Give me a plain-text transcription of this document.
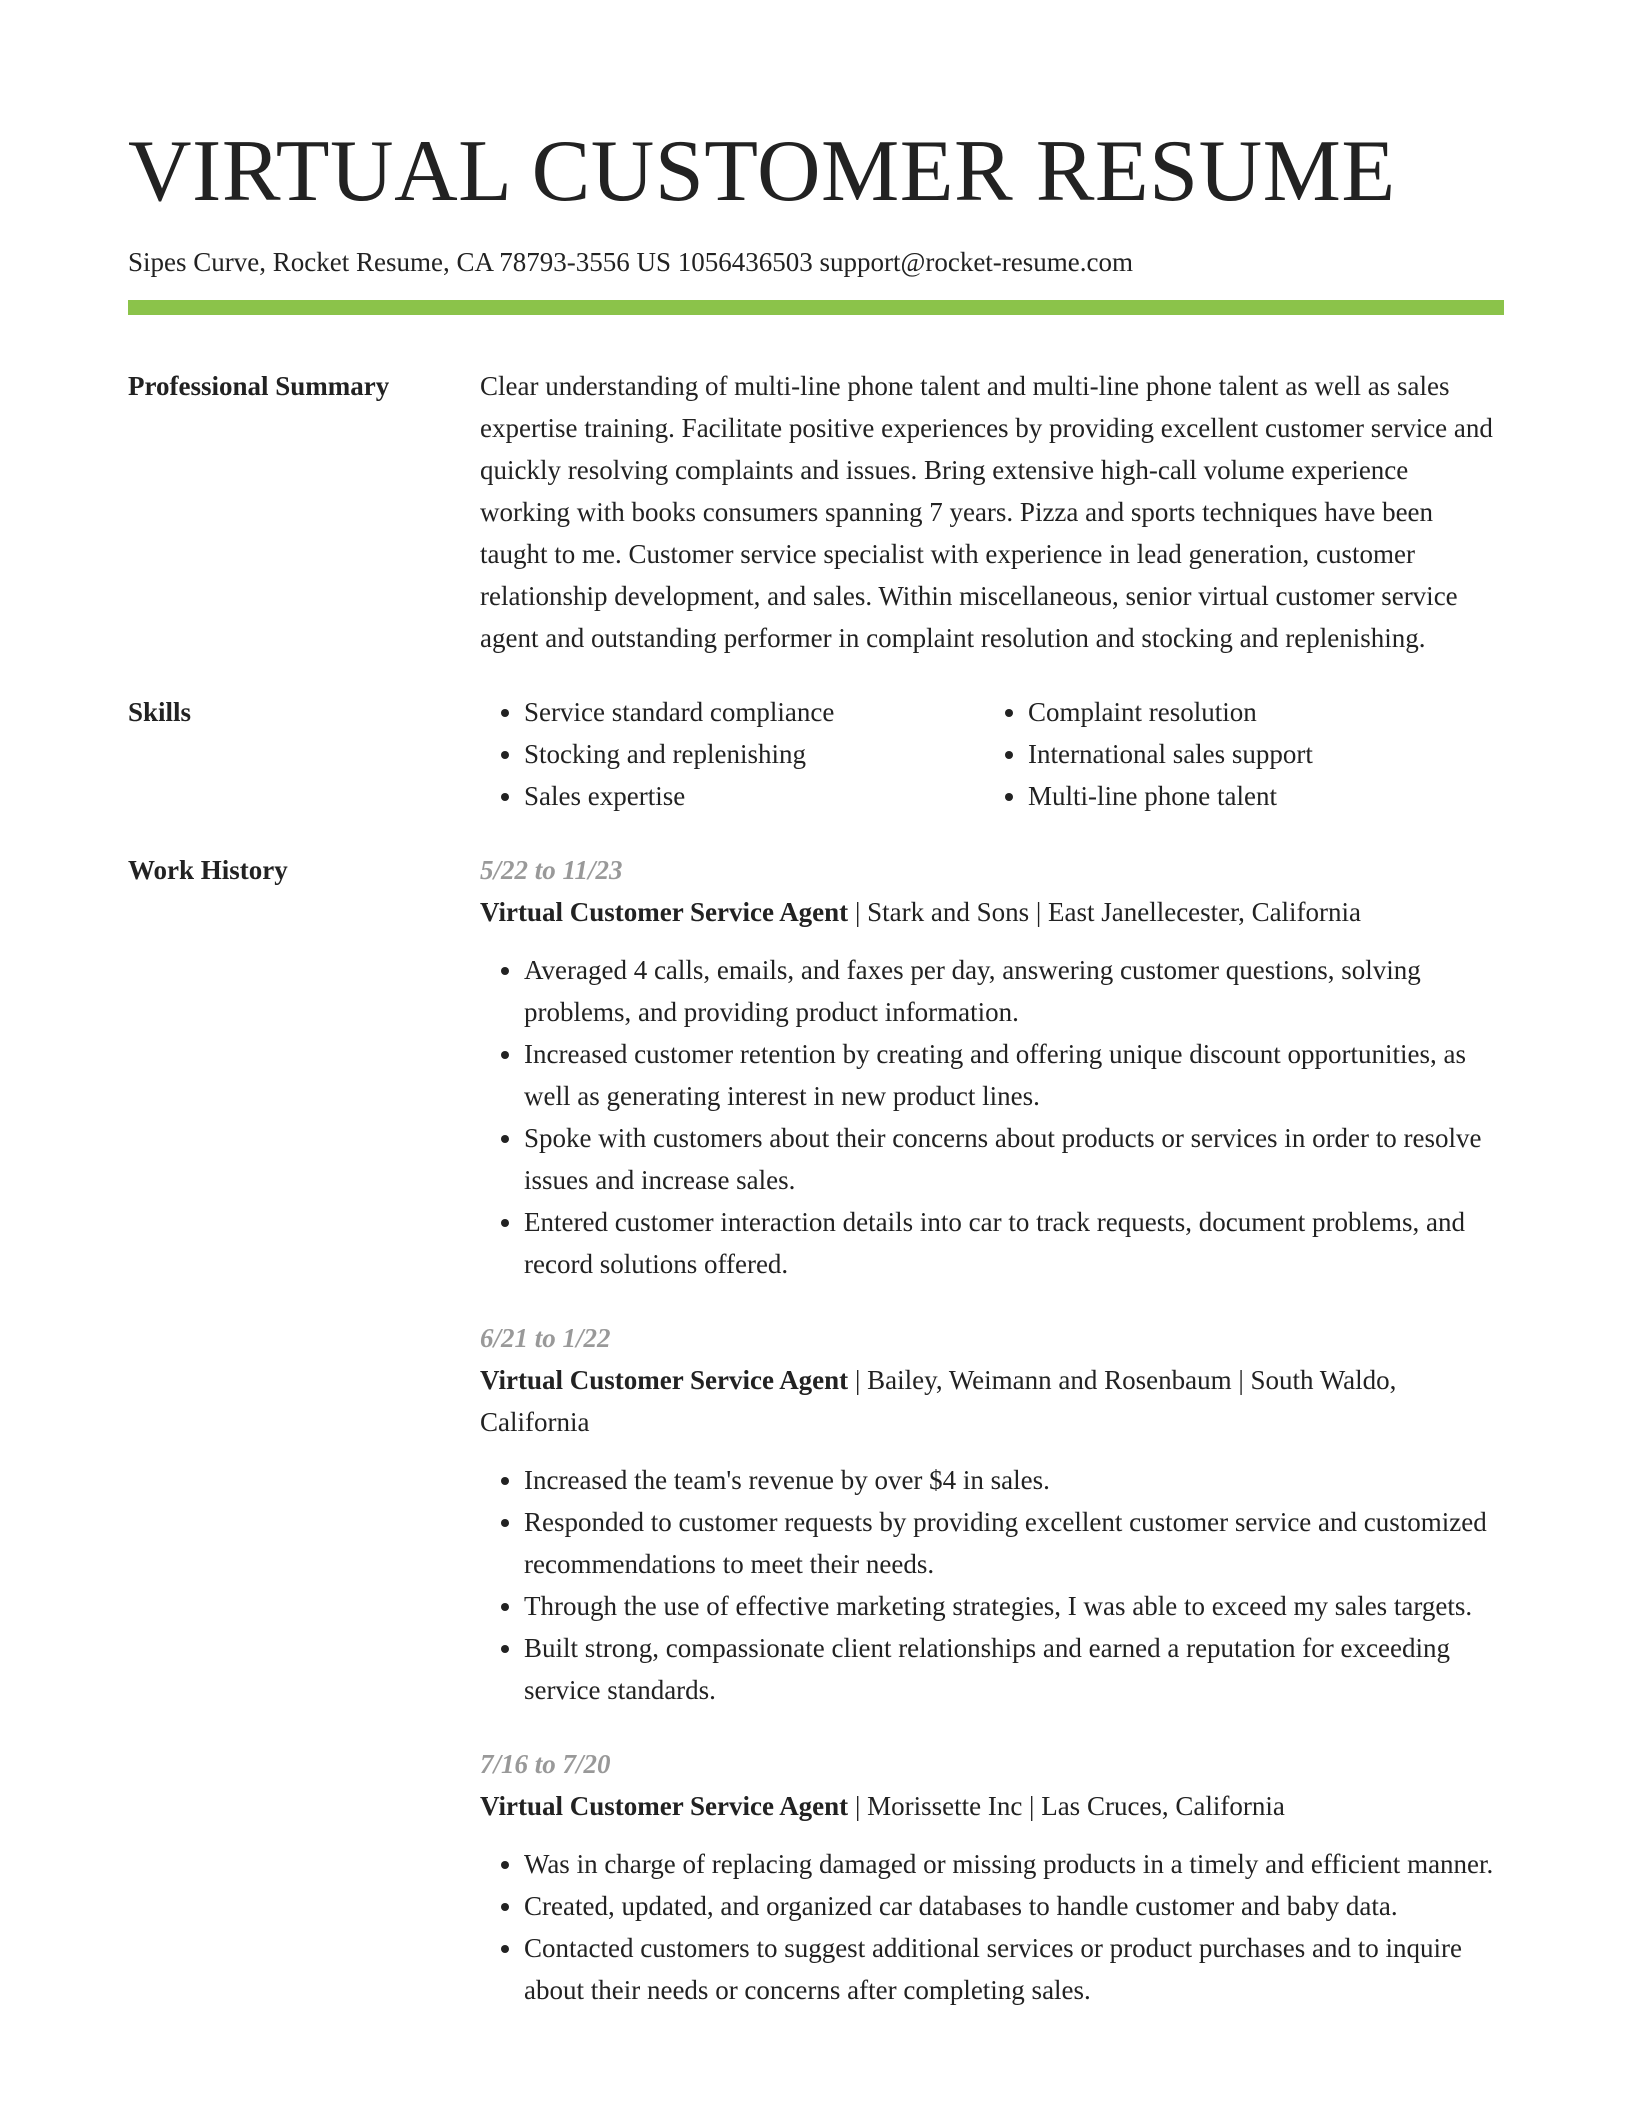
VIRTUAL CUSTOMER RESUME
Sipes Curve, Rocket Resume, CA 78793-3556 US 1056436503 support@rocket-resume.com
Professional Summary	Clear understanding of multi-line phone talent and multi-line phone talent as well as sales expertise training. Facilitate positive experiences by providing excellent customer service and quickly resolving complaints and issues. Bring extensive high-call volume experience working with books consumers spanning 7 years. Pizza and sports techniques have been taught to me. Customer service specialist with experience in lead generation, customer relationship development, and sales. Within miscellaneous, senior virtual customer service agent and outstanding performer in complaint resolution and stocking and replenishing.

Skills
•	Service standard compliance
• Stocking and replenishing
• Sales expertise
• Complaint resolution
• International sales support
• Multi-line phone talent
Work History	5/22 to 11/23
Virtual Customer Service Agent | Stark and Sons | East Janellecester, California
• Averaged 4 calls, emails, and faxes per day, answering customer questions, solving problems, and providing product information.
• Increased customer retention by creating and offering unique discount opportunities, as well as generating interest in new product lines.
• Spoke with customers about their concerns about products or services in order to resolve issues and increase sales.
• Entered customer interaction details into car to track requests, document problems, and record solutions offered.
6/21 to 1/22
Virtual Customer Service Agent | Bailey, Weimann and Rosenbaum | South Waldo, California
• Increased the team's revenue by over $4 in sales.
• Responded to customer requests by providing excellent customer service and customized recommendations to meet their needs.
• Through the use of effective marketing strategies, I was able to exceed my sales targets.
• Built strong, compassionate client relationships and earned a reputation for exceeding service standards.
7/16 to 7/20
Virtual Customer Service Agent | Morissette Inc | Las Cruces, California
• Was in charge of replacing damaged or missing products in a timely and efficient manner.
• Created, updated, and organized car databases to handle customer and baby data.
• Contacted customers to suggest additional services or product purchases and to inquire about their needs or concerns after completing sales.
